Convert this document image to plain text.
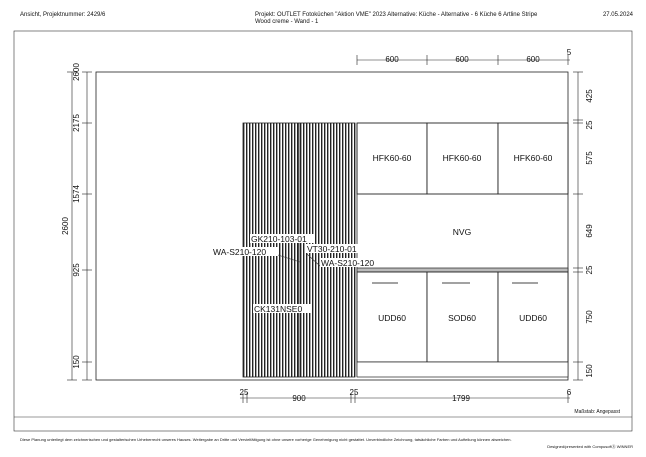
Ansicht, Projektnummer: 2429/6	Projekt: OUTLET Fotoküchen "Aktion VME" 2023 Alternative: Küche - Alternative - 6 Küche 6 Artline Stripe
Wood creme - Wand - 1
27.05.2024
HFK60-60	HFK60-60	HFK60-60
NVG
UDD60	SOD60	UDD60
GK210-103-01
WA-S210-120	VT30-210-01
WA-S210-120
CK131NSE0
600	600	600
5
25
900
25
1799
6
2600
2600
2175
1574
925
150
425
25
575
649
25
750
150
Maßstab: Angepasst
Diese Planung unterliegt dem zeichnerischen und gestalterischen Urheberrecht unseres Hauses. Weitergabe an Dritte und Vervielfältigung ist ohne unsere vorherige Genehmigung nicht gestattet. Unverbindliche Zeichnung, tatsächliche Farben und Aufteilung können abweichen.
Designed/presented with CompusoftⓇ WINNER
